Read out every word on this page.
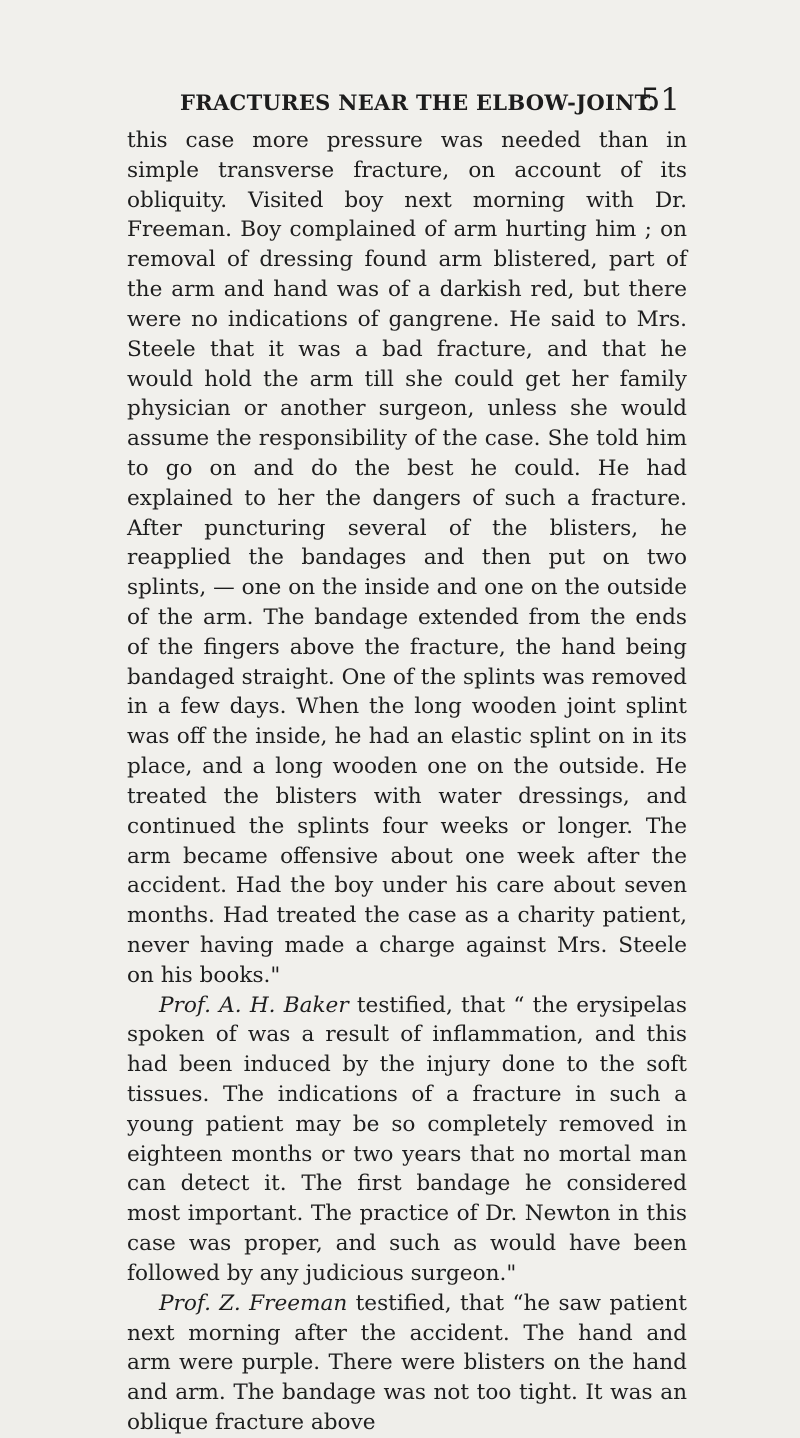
FRACTURES NEAR THE ELBOW-JOINT.
51

this case more pressure was needed than in simple transverse fracture, on account of its obliquity. Visited boy next morning with Dr. Freeman. Boy complained of arm hurting him ; on removal of dressing found arm blistered, part of the arm and hand was of a darkish red, but there were no indications of gangrene. He said to Mrs. Steele that it was a bad fracture, and that he would hold the arm till she could get her family physician or another surgeon, unless she would assume the responsibility of the case. She told him to go on and do the best he could. He had explained to her the dangers of such a fracture. After puncturing several of the blisters, he reapplied the bandages and then put on two splints, — one on the inside and one on the outside of the arm. The bandage extended from the ends of the fingers above the fracture, the hand being bandaged straight. One of the splints was removed in a few days. When the long wooden joint splint was off the inside, he had an elastic splint on in its place, and a long wooden one on the outside. He treated the blisters with water dressings, and continued the splints four weeks or longer. The arm became offensive about one week after the accident. Had the boy under his care about seven months. Had treated the case as a charity patient, never having made a charge against Mrs. Steele on his books."

Prof. A. H. Baker testified, that “ the erysipelas spoken of was a result of inflammation, and this had been induced by the injury done to the soft tissues. The indications of a fracture in such a young patient may be so completely removed in eighteen months or two years that no mortal man can detect it. The first bandage he considered most important. The practice of Dr. Newton in this case was proper, and such as would have been followed by any judicious surgeon."

Prof. Z. Freeman testified, that “he saw patient next morning after the accident. The hand and arm were purple. There were blisters on the hand and arm. The bandage was not too tight. It was an oblique fracture above
